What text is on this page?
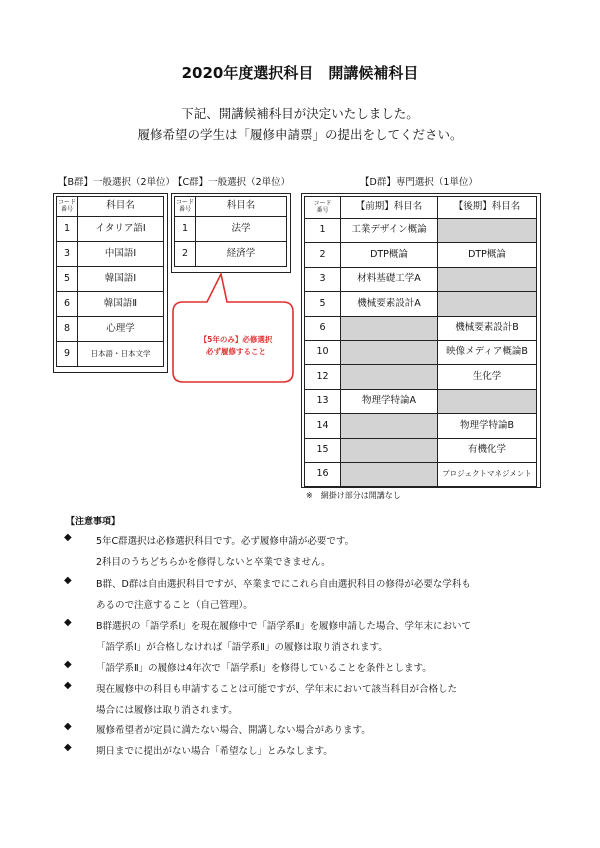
2020年度選択科目　開講候補科目
下記、開講候補科目が決定いたしました。
履修希望の学生は「履修申請票」の提出をしてください。
【B群】一般選択（2単位）
【C群】一般選択（2単位）	【D群】専門選択（1単位）
コード
番号	科目名
1	イタリア語Ⅰ
3	中国語Ⅰ
5	韓国語Ⅰ
6	韓国語Ⅱ
8	心理学
9	日本語・日本文学
コード
番号	科目名
1	法学
2	経済学
【5年のみ】必修選択
必ず履修すること
コード
番号	【前期】科目名	【後期】科目名
1	工業デザイン概論	
2	DTP概論	DTP概論
3	材料基礎工学A	
5	機械要素設計A	
6		機械要素設計B
10		映像メディア概論B
12		生化学
13	物理学特論A	
14		物理学特論B
15		有機化学
16		プロジェクトマネジメント
※　網掛け部分は開講なし
【注意事項】
◆	5年C群選択は必修選択科目です。必ず履修申請が必要です。
2科目のうちどちらかを修得しないと卒業できません。
◆	B群、D群は自由選択科目ですが、卒業までにこれら自由選択科目の修得が必要な学科も
あるので注意すること（自己管理）。
◆	B群選択の「語学系Ⅰ」を現在履修中で「語学系Ⅱ」を履修申請した場合、学年末において
「語学系Ⅰ」が合格しなければ「語学系Ⅱ」の履修は取り消されます。
◆	「語学系Ⅱ」の履修は4年次で「語学系Ⅰ」を修得していることを条件とします。
◆	現在履修中の科目も申請することは可能ですが、学年末において該当科目が合格した
場合には履修は取り消されます。
◆	履修希望者が定員に満たない場合、開講しない場合があります。
◆	期日までに提出がない場合「希望なし」とみなします。
